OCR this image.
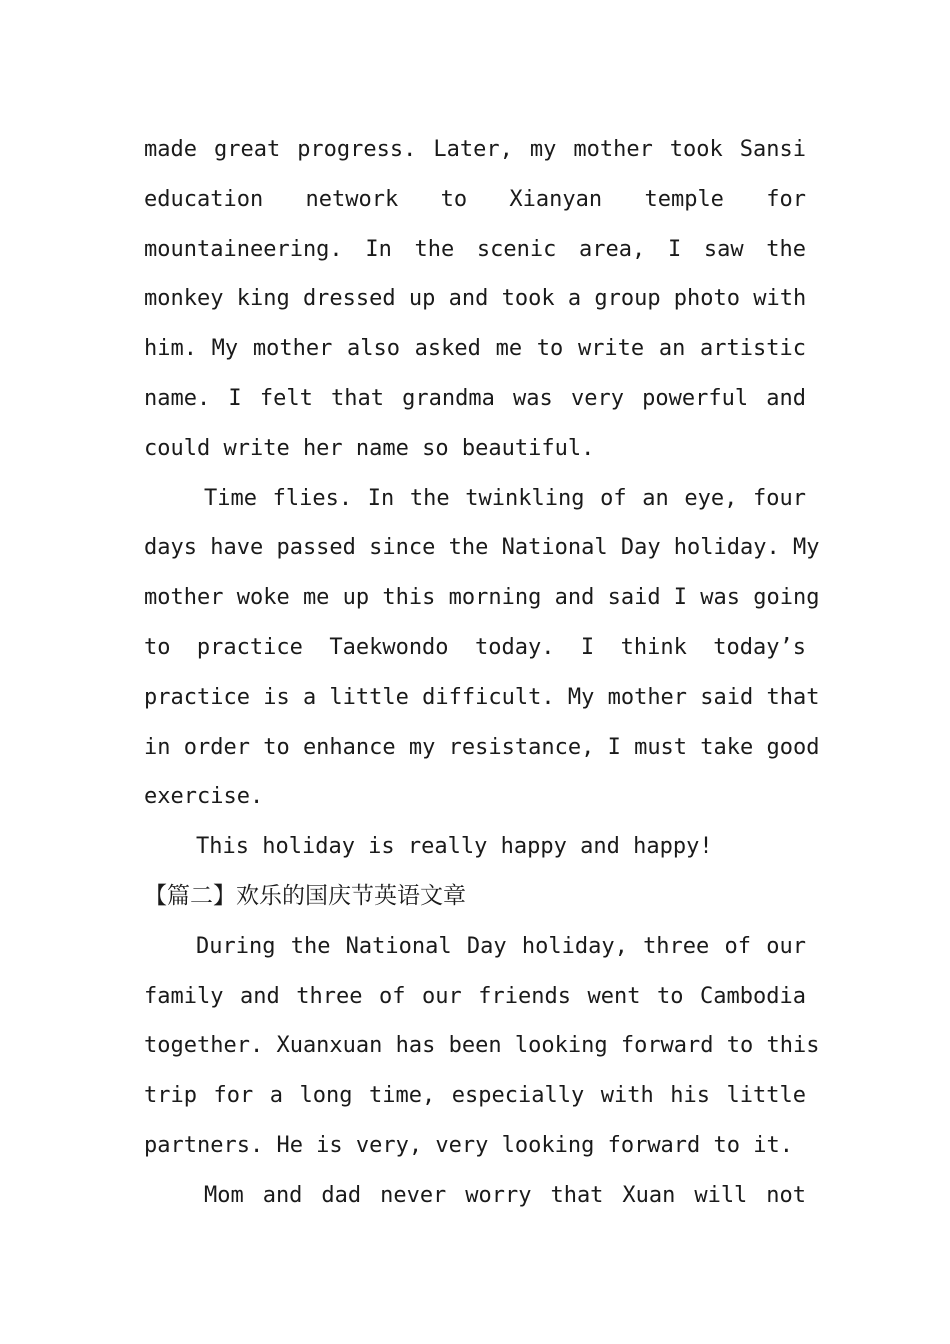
made great progress. Later, my mother took Sansi
education network to Xianyan temple for
mountaineering. In the scenic area, I saw the
monkey king dressed up and took a group photo with
him. My mother also asked me to write an artistic
name. I felt that grandma was very powerful and
could write her name so beautiful.
Time flies. In the twinkling of an eye, four
days have passed since the National Day holiday. My
mother woke me up this morning and said I was going
to practice Taekwondo today. I think today’s
practice is a little difficult. My mother said that
in order to enhance my resistance, I must take good
exercise.
This holiday is really happy and happy!
【篇二】欢乐的国庆节英语文章
During the National Day holiday, three of our
family and three of our friends went to Cambodia
together. Xuanxuan has been looking forward to this
trip for a long time, especially with his little
partners. He is very, very looking forward to it.
Mom and dad never worry that Xuan will not
